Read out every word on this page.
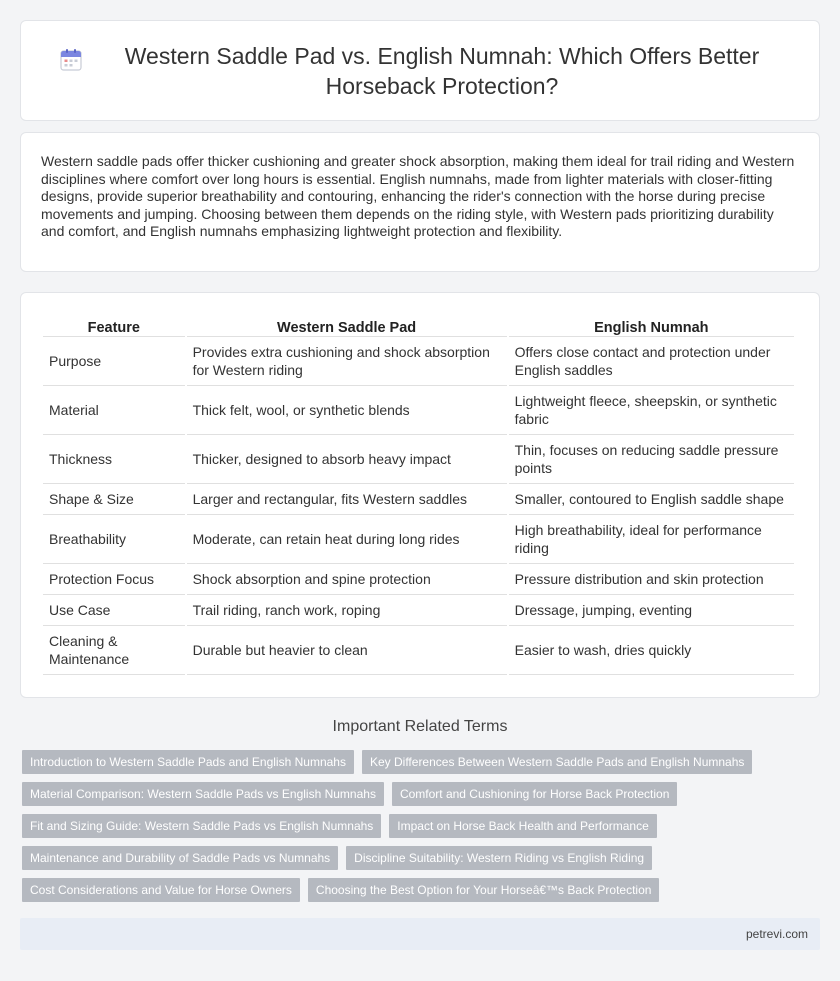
Western Saddle Pad vs. English Numnah: Which Offers Better Horseback Protection?

Western saddle pads offer thicker cushioning and greater shock absorption, making them ideal for trail riding and Western disciplines where comfort over long hours is essential. English numnahs, made from lighter materials with closer-fitting designs, provide superior breathability and contouring, enhancing the rider's connection with the horse during precise movements and jumping. Choosing between them depends on the riding style, with Western pads prioritizing durability and comfort, and English numnahs emphasizing lightweight protection and flexibility.

Feature	Western Saddle Pad	English Numnah
Purpose	Provides extra cushioning and shock absorption for Western riding	Offers close contact and protection under English saddles
Material	Thick felt, wool, or synthetic blends	Lightweight fleece, sheepskin, or synthetic fabric
Thickness	Thicker, designed to absorb heavy impact	Thin, focuses on reducing saddle pressure points
Shape & Size	Larger and rectangular, fits Western saddles	Smaller, contoured to English saddle shape
Breathability	Moderate, can retain heat during long rides	High breathability, ideal for performance riding
Protection Focus	Shock absorption and spine protection	Pressure distribution and skin protection
Use Case	Trail riding, ranch work, roping	Dressage, jumping, eventing
Cleaning & Maintenance	Durable but heavier to clean	Easier to wash, dries quickly
Important Related Terms
Introduction to Western Saddle Pads and English Numnahs	Key Differences Between Western Saddle Pads and English Numnahs
Material Comparison: Western Saddle Pads vs English Numnahs	Comfort and Cushioning for Horse Back Protection
Fit and Sizing Guide: Western Saddle Pads vs English Numnahs	Impact on Horse Back Health and Performance
Maintenance and Durability of Saddle Pads vs Numnahs	Discipline Suitability: Western Riding vs English Riding
Cost Considerations and Value for Horse Owners	Choosing the Best Option for Your Horseâ€™s Back Protection
petrevi.com
